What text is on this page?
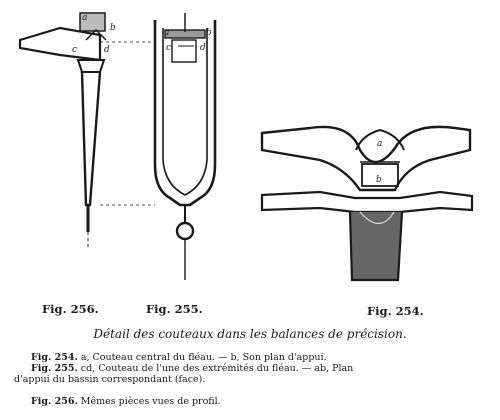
a
b
c	d
a	b
c	d
a
b
Fig. 256.	Fig. 255.	Fig. 254.
Détail des couteaux dans les balances de précision.
Fig. 254. a, Couteau central du fléau. — b, Son plan d'appui.
Fig. 255. cd, Couteau de l'une des extrémités du fléau. — ab, Plan
d'appui du bassin correspondant (face).
Fig. 256. Mêmes pièces vues de profil.
